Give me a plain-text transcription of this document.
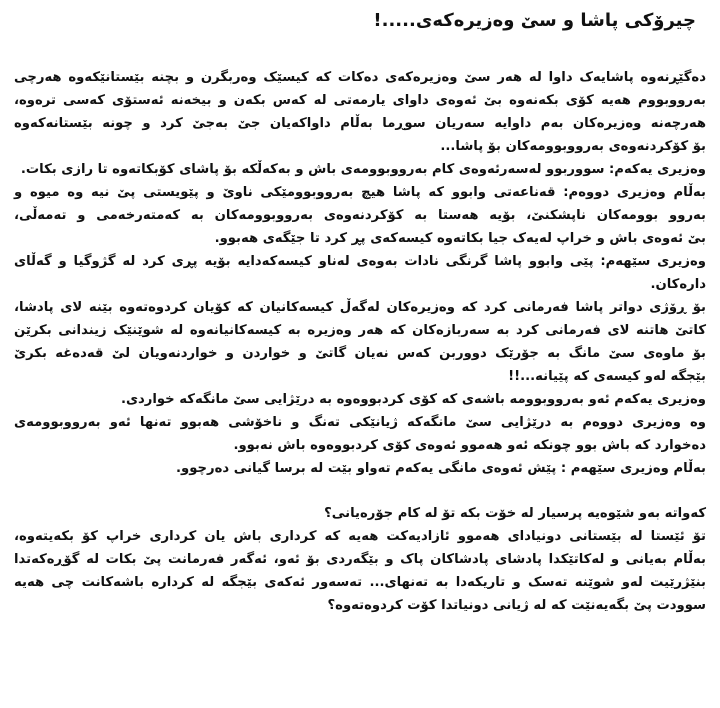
چیرۆکی پاشا و سێ وەزیرەکەی.....!

دەگێڕنەوە پاشایەک داوا لە هەر سێ وەزیرەکەی دەکات کە کیسێک وەربگرن و بچنە بێستانێکەوە هەرچی
بەرووبووم هەیە کۆی بکەنەوە بێ ئەوەی داوای یارمەتی لە کەس بکەن و بیخەنە ئەستۆی کەسی ترەوە،
هەرچەنە وەزیرەکان بەم داوایە سەریان سوڕما بەڵام داواکەیان جێ بەجێ کرد و چونە بێستانەکەوە
بۆ کۆکردنەوەی بەرووبوومەکان بۆ پاشا...

وەزیری یەکەم: سووربوو لەسەرئەوەی کام بەرووبوومەی باش و بەکەڵکە بۆ پاشای کۆبکاتەوە تا رازی بکات.

بەڵام وەزیری دووەم: قەناعەتی وابوو کە پاشا هیچ بەرووبوومێکی ناوێ و پێویستی پێ نیە وە میوە و
بەروو بوومەکان ناپشکنێ، بۆیە هەستا بە کۆکردنەوەی بەرووبوومەکان بە کەمتەرخەمی و تەمەڵی،
بێ ئەوەی باش و خراپ لەیەک جیا بکاتەوە کیسەکەی پڕ کرد تا جێگەی هەبوو.

وەزیری سێهەم: پێی وابوو پاشا گرنگی نادات بەوەی لەناو کیسەکەدایە بۆیە پڕی کرد لە گژوگیا و گەڵای
دارەکان.

بۆ ڕۆژی دواتر پاشا فەرمانی کرد کە وەزیرەکان لەگەڵ کیسەکانیان کە کۆیان کردوەتەوە بێنە لای پادشا،
کاتێ هاتنە لای فەرمانی کرد بە سەربازەکان کە هەر وەزیرە بە کیسەکانیانەوە لە شوێنێک زیندانی بکرێن
بۆ ماوەی سێ مانگ بە جۆرێک دووربن کەس نەیان گاتێ و خواردن و خواردنەویان لێ قەدەغە بکرێ
بێجگە لەو کیسەی کە پێیانە...!!

وەزیری یەکەم ئەو بەرووبوومە باشەی کە کۆی کردبووەوە بە درێژایی سێ مانگەکە خواردی.

وە وەزیری دووەم بە درێژایی سێ مانگەکە ژیانێکی تەنگ و ناخۆشی هەبوو تەنها ئەو بەرووبوومەی
دەخوارد کە باش بوو چونکە ئەو هەموو ئەوەی کۆی کردبووەوە باش نەبوو.

بەڵام وەزیری سێهەم : پێش ئەوەی مانگی یەکەم تەواو بێت لە برسا گیانی دەرچوو.

کەواتە بەو شێوەیە پرسیار لە خۆت بکە تۆ لە کام جۆرەیانی؟

تۆ ئێستا لە بێستانی دونیادای هەموو ئازادیەکت هەیە کە کرداری باش یان کرداری خراپ کۆ بکەیتەوە،
بەڵام بەیانی و لەکاتێکدا پادشای پادشاکان پاک و بێگەردی بۆ ئەو، ئەگەر فەرمانت پێ بکات لە گۆڕەکەتدا
بنێژرێیت لەو شوێنە تەسک و تاریکەدا بە تەنهای... تەسەور ئەکەی بێجگە لە کرداره باشەکانت چی هەیە
سوودت پێ بگەیەنێت کە لە ژیانی دونیاتدا کۆت کردوەتەوە؟
